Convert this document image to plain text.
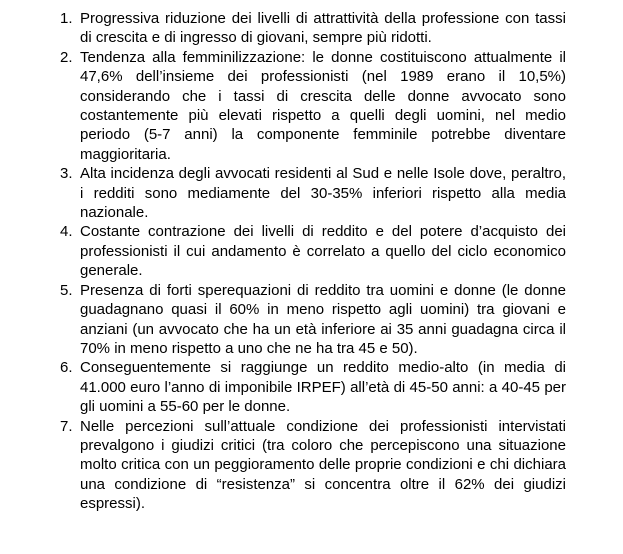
1. Progressiva riduzione dei livelli di attrattività della professione con tassi di crescita e di ingresso di giovani, sempre più ridotti.
2. Tendenza alla femminilizzazione: le donne costituiscono attualmente il 47,6% dell’insieme dei professionisti (nel 1989 erano il 10,5%) considerando che i tassi di crescita delle donne avvocato sono costantemente più elevati rispetto a quelli degli uomini, nel medio periodo (5-7 anni) la componente femminile potrebbe diventare maggioritaria.
3. Alta incidenza degli avvocati residenti al Sud e nelle Isole dove, peraltro, i redditi sono mediamente del 30-35% inferiori rispetto alla media nazionale.
4. Costante contrazione dei livelli di reddito e del potere d’acquisto dei professionisti il cui andamento è correlato a quello del ciclo economico generale.
5. Presenza di forti sperequazioni di reddito tra uomini e donne (le donne guadagnano quasi il 60% in meno rispetto agli uomini) tra giovani e anziani (un avvocato che ha un età inferiore ai 35 anni guadagna circa il 70% in meno rispetto a uno che ne ha tra 45 e 50).
6. Conseguentemente si raggiunge un reddito medio-alto (in media di 41.000 euro l’anno di imponibile IRPEF) all’età di 45-50 anni: a 40-45 per gli uomini a 55-60 per le donne.
7. Nelle percezioni sull’attuale condizione dei professionisti intervistati prevalgono i giudizi critici (tra coloro che percepiscono una situazione molto critica con un peggioramento delle proprie condizioni e chi dichiara una condizione di “resistenza” si concentra oltre il 62% dei giudizi espressi).
